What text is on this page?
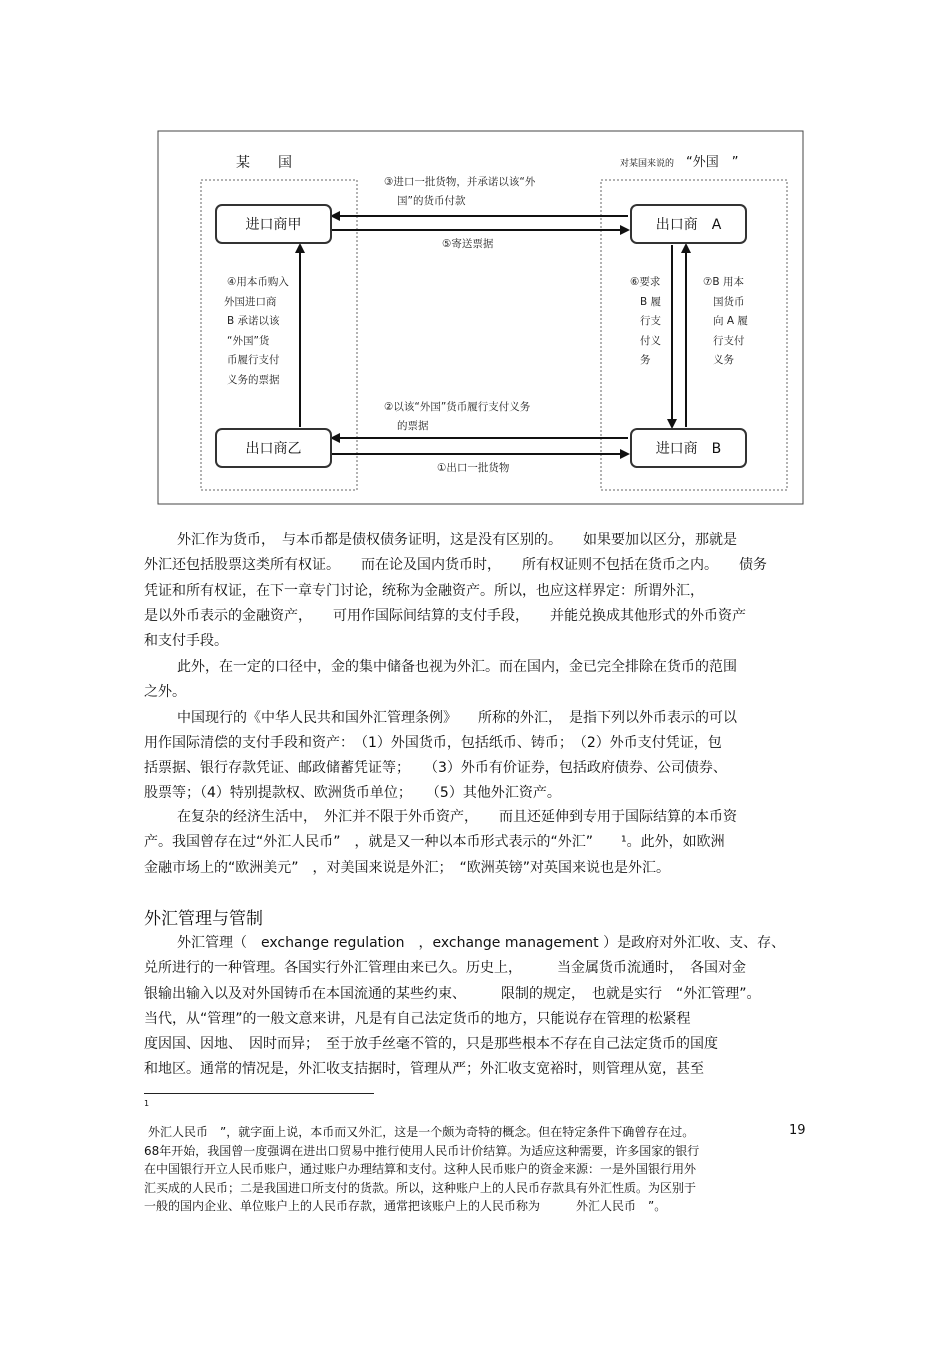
某　　国	对某国来说的 “外国　”
进口商甲	出口商　A
出口商乙	进口商　B
③进口一批货物，并承诺以该“外
国”的货币付款
⑤寄送票据
④用本币购入
外国进口商
B 承诺以该
“外国”货
币履行支付
义务的票据
⑥要求
B 履
行支
付义
务
⑦B 用本
国货币
向 A 履
行支付
义务
②以该“外国”货币履行支付义务
的票据
①出口一批货物
外汇作为货币，　与本币都是债权债务证明，这是没有区别的。　　如果要加以区分，那就是
外汇还包括股票这类所有权证。　　而在论及国内货币时，　　所有权证则不包括在货币之内。　　债务
凭证和所有权证，在下一章专门讨论，统称为金融资产。所以，也应这样界定：所谓外汇，
是以外币表示的金融资产，　　可用作国际间结算的支付手段，　　并能兑换成其他形式的外币资产
和支付手段。
此外，在一定的口径中，金的集中储备也视为外汇。而在国内，金已完全排除在货币的范围
之外。
中国现行的《中华人民共和国外汇管理条例》　　所称的外汇，　是指下列以外币表示的可以
用作国际清偿的支付手段和资产：　（1）外国货币，包括纸币、铸币；　（2）外币支付凭证，包
括票据、银行存款凭证、邮政储蓄凭证等；　　（3）外币有价证券，包括政府债券、公司债券、
股票等；（4）特别提款权、欧洲货币单位；　　（5）其他外汇资产。
在复杂的经济生活中，　外汇并不限于外币资产，　　而且还延伸到专用于国际结算的本币资
产。我国曾存在过“外汇人民币”　，就是又一种以本币形式表示的“外汇”　　¹。此外，如欧洲
金融市场上的“欧洲美元”　，对美国来说是外汇；　“欧洲英镑”对英国来说也是外汇。
外汇管理与管制
外汇管理（　exchange regulation　，exchange management ）是政府对外汇收、支、存、
兑所进行的一种管理。各国实行外汇管理由来已久。历史上，　　　当金属货币流通时，　各国对金
银输出输入以及对外国铸币在本国流通的某些约束、　　　限制的规定，　也就是实行　“外汇管理”。
当代，从“管理”的一般文意来讲，凡是有自己法定货币的地方，只能说存在管理的松紧程
度因国、因地、　因时而异；　至于放手丝毫不管的，只是那些根本不存在自己法定货币的国度
和地区。通常的情况是，外汇收支拮据时，管理从严；外汇收支宽裕时，则管理从宽，甚至
1
外汇人民币　”，就字面上说，本币而又外汇，这是一个颇为奇特的概念。但在特定条件下确曾存在过。	19
68年开始，我国曾一度强调在进出口贸易中推行使用人民币计价结算。为适应这种需要，许多国家的银行
在中国银行开立人民币账户，通过账户办理结算和支付。这种人民币账户的资金来源：一是外国银行用外
汇买成的人民币；二是我国进口所支付的货款。所以，这种账户上的人民币存款具有外汇性质。为区别于
一般的国内企业、单位账户上的人民币存款，通常把该账户上的人民币称为　　　外汇人民币　”。
